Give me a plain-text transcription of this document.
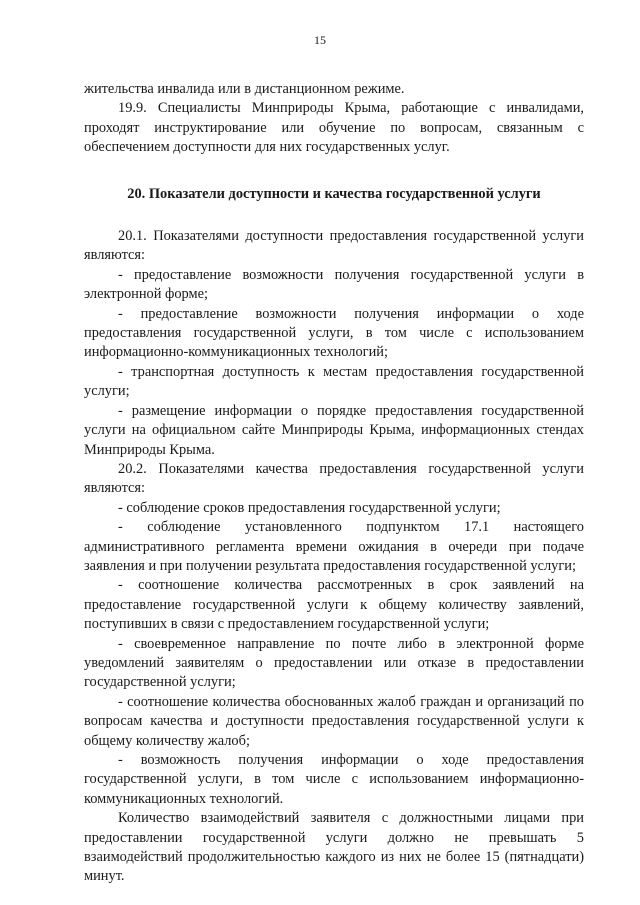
15

жительства инвалида или в дистанционном режиме.

19.9. Специалисты Минприроды Крыма, работающие с инвалидами, проходят инструктирование или обучение по вопросам, связанным с обеспечением доступности для них государственных услуг.

20. Показатели доступности и качества государственной услуги

20.1. Показателями доступности предоставления государственной услуги являются:

- предоставление возможности получения государственной услуги в электронной форме;

- предоставление возможности получения информации о ходе предоставления государственной услуги, в том числе с использованием информационно-коммуникационных технологий;

- транспортная доступность к местам предоставления государственной услуги;

- размещение информации о порядке предоставления государственной услуги на официальном сайте Минприроды Крыма, информационных стендах Минприроды Крыма.

20.2. Показателями качества предоставления государственной услуги являются:

- соблюдение сроков предоставления государственной услуги;

- соблюдение установленного подпунктом 17.1 настоящего административного регламента времени ожидания в очереди при подаче заявления и при получении результата предоставления государственной услуги;

- соотношение количества рассмотренных в срок заявлений на предоставление государственной услуги к общему количеству заявлений, поступивших в связи с предоставлением государственной услуги;

- своевременное направление по почте либо в электронной форме уведомлений заявителям о предоставлении или отказе в предоставлении государственной услуги;

- соотношение количества обоснованных жалоб граждан и организаций по вопросам качества и доступности предоставления государственной услуги к общему количеству жалоб;

- возможность получения информации о ходе предоставления государственной услуги, в том числе с использованием информационно-коммуникационных технологий.

Количество взаимодействий заявителя с должностными лицами при предоставлении государственной услуги должно не превышать 5 взаимодействий продолжительностью каждого из них не более 15 (пятнадцати) минут.
